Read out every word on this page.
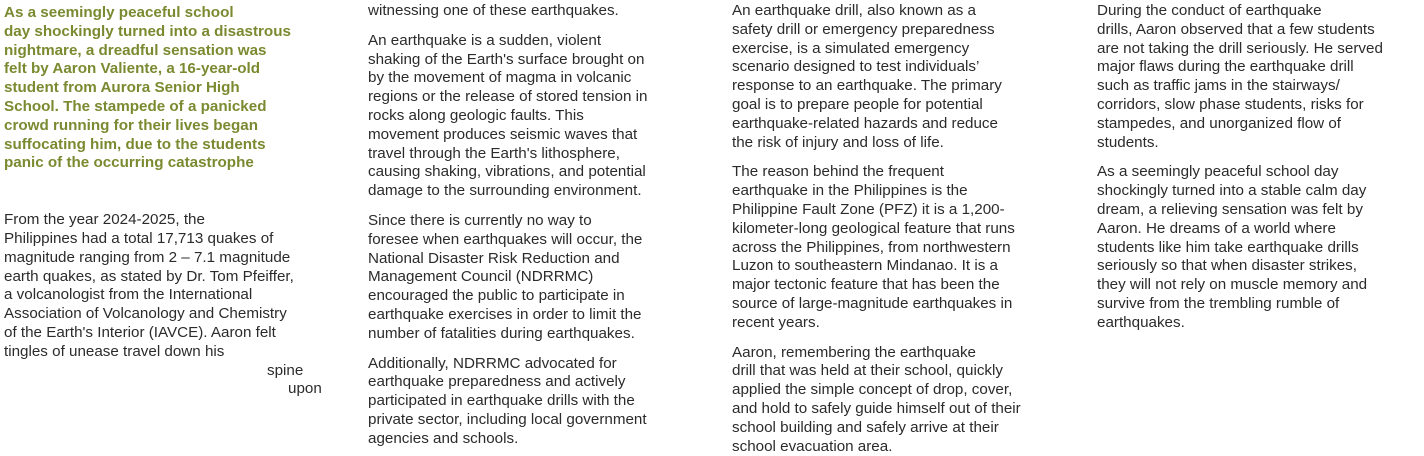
As a seemingly peaceful school
day shockingly turned into a disastrous
nightmare, a dreadful sensation was
felt by Aaron Valiente, a 16-year-old
student from Aurora Senior High
School. The stampede of a panicked
crowd running for their lives began
suffocating him, due to the students
panic of the occurring catastrophe

From the year 2024-2025, the
Philippines had a total 17,713 quakes of
magnitude ranging from 2 – 7.1 magnitude
earth quakes, as stated by Dr. Tom Pfeiffer,
a volcanologist from the International
Association of Volcanology and Chemistry
of the Earth's Interior (IAVCE). Aaron felt
tingles of unease travel down his

spine

upon

witnessing one of these earthquakes.

An earthquake is a sudden, violent
shaking of the Earth's surface brought on
by the movement of magma in volcanic
regions or the release of stored tension in
rocks along geologic faults. This
movement produces seismic waves that
travel through the Earth's lithosphere,
causing shaking, vibrations, and potential
damage to the surrounding environment.

Since there is currently no way to
foresee when earthquakes will occur, the
National Disaster Risk Reduction and
Management Council (NDRRMC)
encouraged the public to participate in
earthquake exercises in order to limit the
number of fatalities during earthquakes.

Additionally, NDRRMC advocated for
earthquake preparedness and actively
participated in earthquake drills with the
private sector, including local government
agencies and schools.

An earthquake drill, also known as a
safety drill or emergency preparedness
exercise, is a simulated emergency
scenario designed to test individuals’
response to an earthquake. The primary
goal is to prepare people for potential
earthquake-related hazards and reduce
the risk of injury and loss of life.

The reason behind the frequent
earthquake in the Philippines is the
Philippine Fault Zone (PFZ) it is a 1,200-
kilometer-long geological feature that runs
across the Philippines, from northwestern
Luzon to southeastern Mindanao. It is a
major tectonic feature that has been the
source of large-magnitude earthquakes in
recent years.

Aaron, remembering the earthquake
drill that was held at their school, quickly
applied the simple concept of drop, cover,
and hold to safely guide himself out of their
school building and safely arrive at their
school evacuation area.

During the conduct of earthquake
drills, Aaron observed that a few students
are not taking the drill seriously. He served
major flaws during the earthquake drill
such as traffic jams in the stairways/
corridors, slow phase students, risks for
stampedes, and unorganized flow of
students.

As a seemingly peaceful school day
shockingly turned into a stable calm day
dream, a relieving sensation was felt by
Aaron. He dreams of a world where
students like him take earthquake drills
seriously so that when disaster strikes,
they will not rely on muscle memory and
survive from the trembling rumble of
earthquakes.
